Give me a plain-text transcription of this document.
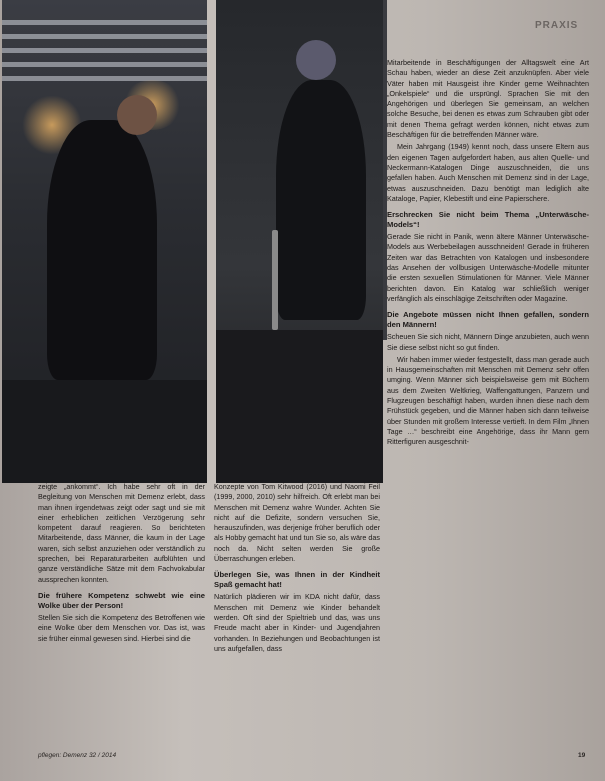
PRAXIS

Mitarbeitende in Beschäftigungen der Alltagswelt eine Art Schau haben, wieder an diese Zeit anzuknüpfen. Aber viele Väter haben mit Hausgeist ihre Kinder gerne Weihnachten „Onkelspiele“ und die ursprüngl. Sprachen Sie mit den Angehörigen und überlegen Sie gemeinsam, an welchen solche Besuche, bei denen es etwas zum Schrauben gibt oder mit denen Thema gefragt werden können, nicht etwas zum Beschäftigen für die betreffenden Männer wäre.

Mein Jahrgang (1949) kennt noch, dass unsere Eltern aus den eigenen Tagen aufgefordert haben, aus alten Quelle- und Neckermann-Katalogen Dinge auszuschneiden, die uns gefallen haben. Auch Menschen mit Demenz sind in der Lage, etwas auszuschneiden. Dazu benötigt man lediglich alte Kataloge, Papier, Klebestift und eine Papierschere.

Erschrecken Sie nicht beim Thema „Unterwäsche-Models“!

Gerade Sie nicht in Panik, wenn ältere Männer Unterwäsche-Models aus Werbebeilagen ausschneiden! Gerade in früheren Zeiten war das Betrachten von Katalogen und insbesondere das Ansehen der vollbusigen Unterwäsche-Modelle mitunter die ersten sexuellen Stimulationen für Männer. Viele Männer berichten davon. Ein Katalog war schließlich weniger verfänglich als einschlägige Zeitschriften oder Magazine.

Die Angebote müssen nicht Ihnen gefallen, sondern den Männern!

Scheuen Sie sich nicht, Männern Dinge anzubieten, auch wenn Sie diese selbst nicht so gut finden.

Wir haben immer wieder festgestellt, dass man gerade auch in Hausgemeinschaften mit Menschen mit Demenz sehr offen umging. Wenn Männer sich beispielsweise gern mit Büchern aus dem Zweiten Weltkrieg, Waffengattungen, Panzern und Flugzeugen beschäftigt haben, wurden ihnen diese nach dem Frühstück gegeben, und die Männer haben sich dann teilweise über Stunden mit großem Interesse vertieft. In dem Film „Ihnen Tage …“ beschreibt eine Angehörige, dass ihr Mann gern Ritterfiguren ausgeschnit-

zeigte „ankommt“. Ich habe sehr oft in der Begleitung von Menschen mit Demenz erlebt, dass man ihnen irgendetwas zeigt oder sagt und sie mit einer erheblichen zeitlichen Verzögerung sehr kompetent darauf reagieren. So berichteten Mitarbeitende, dass Männer, die kaum in der Lage waren, sich selbst anzuziehen oder verständlich zu sprechen, bei Reparaturarbeiten aufblühten und ganze verständliche Sätze mit dem Fachvokabular aussprechen konnten.

Die frühere Kompetenz schwebt wie eine Wolke über der Person!

Stellen Sie sich die Kompetenz des Betroffenen wie eine Wolke über dem Menschen vor. Das ist, was sie früher einmal gewesen sind. Hierbei sind die

Konzepte von Tom Kitwood (2016) und Naomi Feil (1999, 2000, 2010) sehr hilfreich. Oft erlebt man bei Menschen mit Demenz wahre Wunder. Achten Sie nicht auf die Defizite, sondern versuchen Sie, herauszufinden, was derjenige früher beruflich oder als Hobby gemacht hat und tun Sie so, als wäre das noch da. Nicht selten werden Sie große Überraschungen erleben.

Überlegen Sie, was Ihnen in der Kindheit Spaß gemacht hat!

Natürlich plädieren wir im KDA nicht dafür, dass Menschen mit Demenz wie Kinder behandelt werden. Oft sind der Spieltrieb und das, was uns Freude macht aber in Kinder- und Jugendjahren vorhanden. In Beziehungen und Beobachtungen ist uns aufgefallen, dass

pflegen: Demenz 32 / 2014	19
